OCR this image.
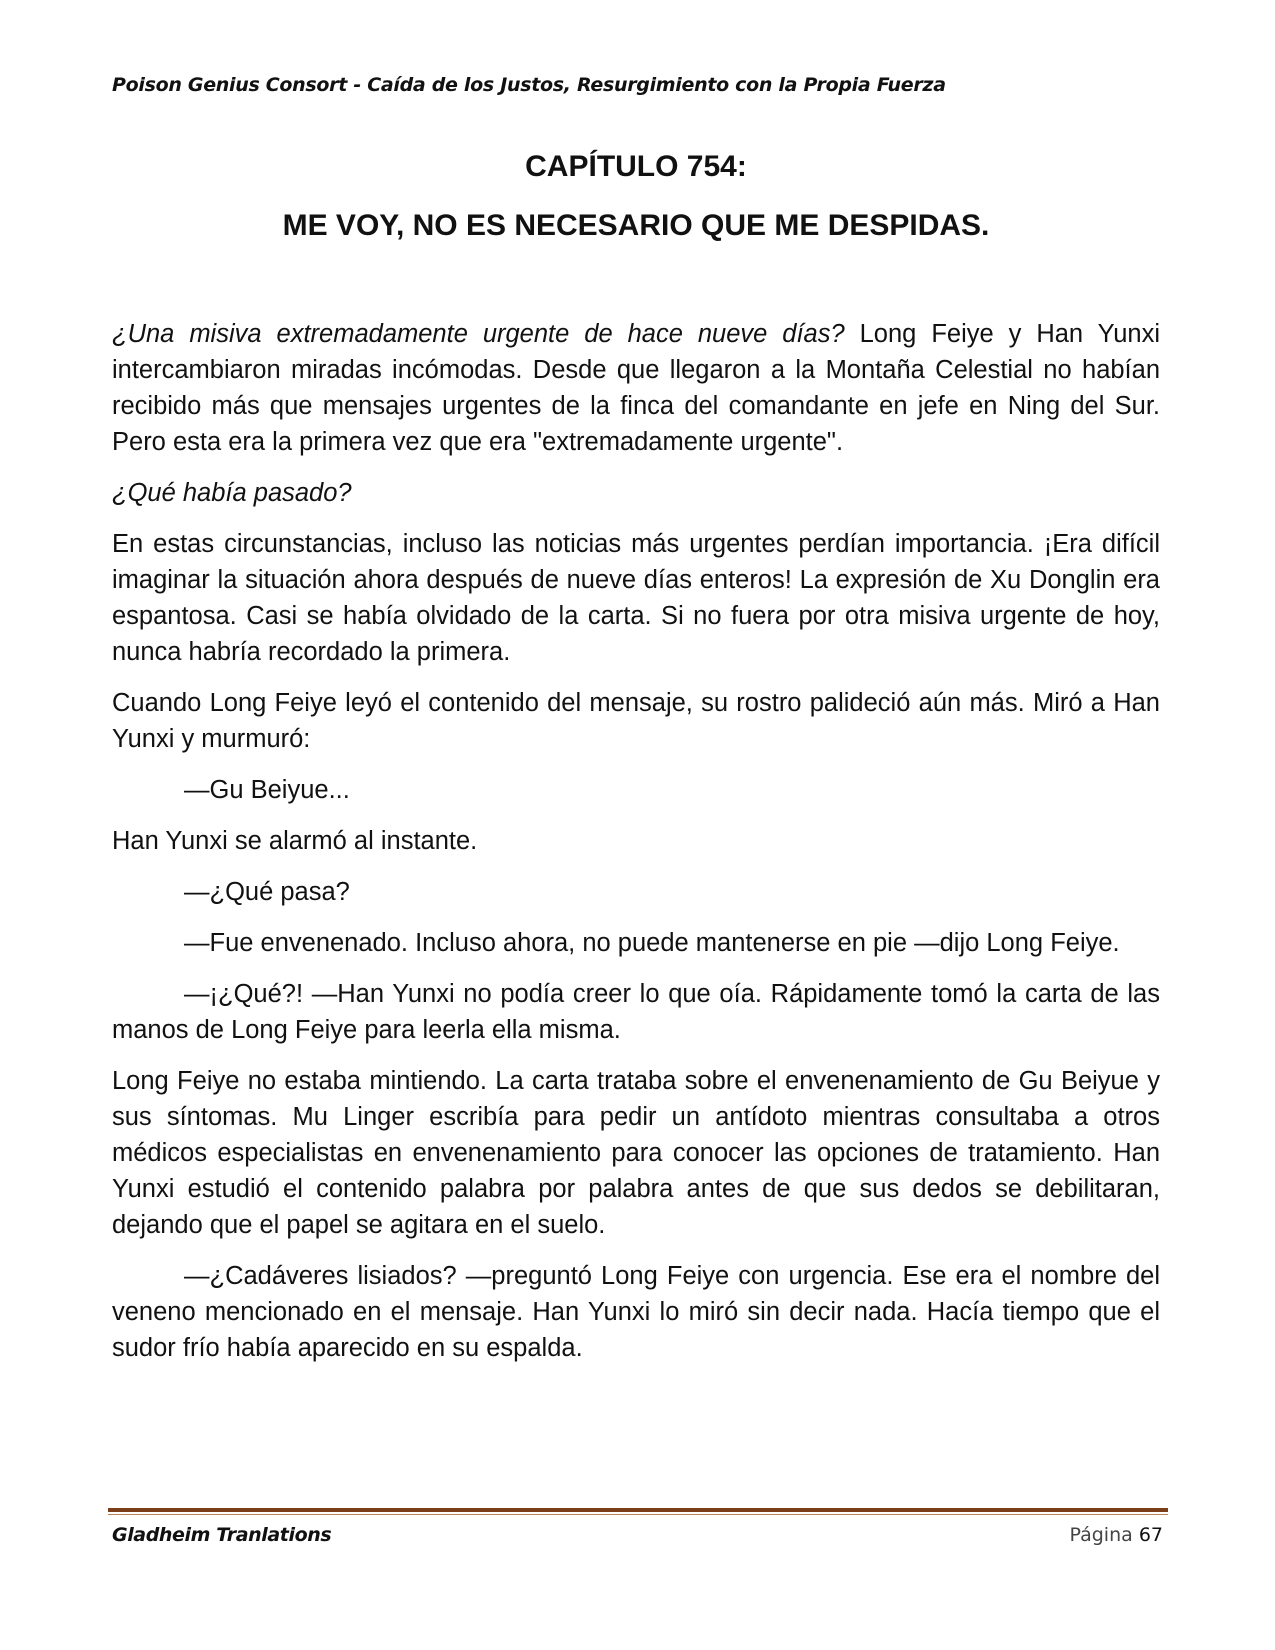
Poison Genius Consort - Caída de los Justos, Resurgimiento con la Propia Fuerza
CAPÍTULO 754:
ME VOY, NO ES NECESARIO QUE ME DESPIDAS.

¿Una misiva extremadamente urgente de hace nueve días? Long Feiye y Han Yunxi intercambiaron miradas incómodas. Desde que llegaron a la Montaña Celestial no habían recibido más que mensajes urgentes de la finca del comandante en jefe en Ning del Sur. Pero esta era la primera vez que era "extremadamente urgente".

¿Qué había pasado?

En estas circunstancias, incluso las noticias más urgentes perdían importancia. ¡Era difícil imaginar la situación ahora después de nueve días enteros! La expresión de Xu Donglin era espantosa. Casi se había olvidado de la carta. Si no fuera por otra misiva urgente de hoy, nunca habría recordado la primera.

Cuando Long Feiye leyó el contenido del mensaje, su rostro palideció aún más. Miró a Han Yunxi y murmuró:

—Gu Beiyue...

Han Yunxi se alarmó al instante.

—¿Qué pasa?

—Fue envenenado. Incluso ahora, no puede mantenerse en pie —dijo Long Feiye.

—¡¿Qué?! —Han Yunxi no podía creer lo que oía. Rápidamente tomó la carta de las manos de Long Feiye para leerla ella misma.

Long Feiye no estaba mintiendo. La carta trataba sobre el envenenamiento de Gu Beiyue y sus síntomas. Mu Linger escribía para pedir un antídoto mientras consultaba a otros médicos especialistas en envenenamiento para conocer las opciones de tratamiento. Han Yunxi estudió el contenido palabra por palabra antes de que sus dedos se debilitaran, dejando que el papel se agitara en el suelo.

—¿Cadáveres lisiados? —preguntó Long Feiye con urgencia. Ese era el nombre del veneno mencionado en el mensaje. Han Yunxi lo miró sin decir nada. Hacía tiempo que el sudor frío había aparecido en su espalda.

Gladheim Tranlations	Página 67
